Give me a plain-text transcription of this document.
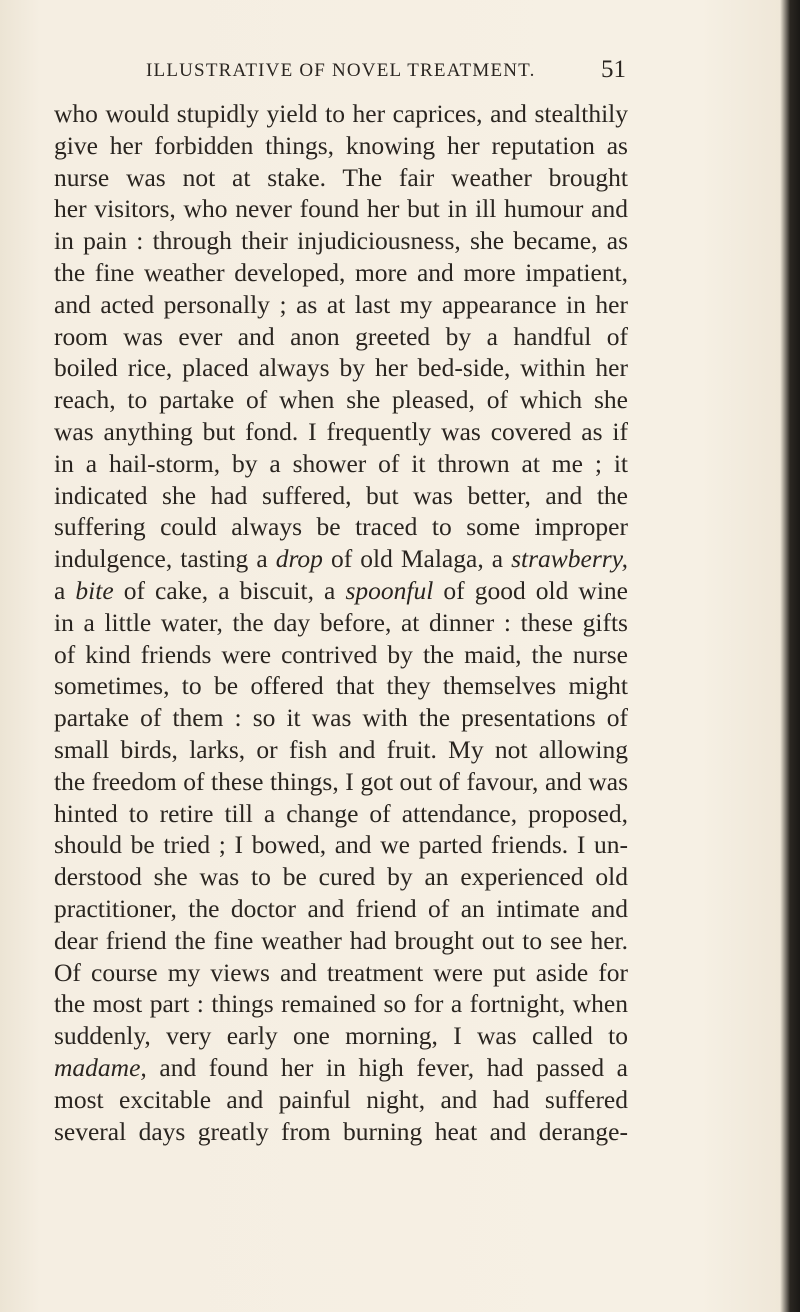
ILLUSTRATIVE OF NOVEL TREATMENT.	51
who would stupidly yield to her caprices, and stealthily
give her forbidden things, knowing her reputation as
nurse was not at stake. The fair weather brought
her visitors, who never found her but in ill humour and
in pain : through their injudiciousness, she became, as
the fine weather developed, more and more impatient,
and acted personally ; as at last my appearance in her
room was ever and anon greeted by a handful of
boiled rice, placed always by her bed-side, within her
reach, to partake of when she pleased, of which she
was anything but fond. I frequently was covered as if
in a hail-storm, by a shower of it thrown at me ; it
indicated she had suffered, but was better, and the
suffering could always be traced to some improper
indulgence, tasting a drop of old Malaga, a strawberry,
a bite of cake, a biscuit, a spoonful of good old wine
in a little water, the day before, at dinner : these gifts
of kind friends were contrived by the maid, the nurse
sometimes, to be offered that they themselves might
partake of them : so it was with the presentations of
small birds, larks, or fish and fruit. My not allowing
the freedom of these things, I got out of favour, and was
hinted to retire till a change of attendance, proposed,
should be tried ; I bowed, and we parted friends. I un-
derstood she was to be cured by an experienced old
practitioner, the doctor and friend of an intimate and
dear friend the fine weather had brought out to see her.
Of course my views and treatment were put aside for
the most part : things remained so for a fortnight, when
suddenly, very early one morning, I was called to
madame, and found her in high fever, had passed a
most excitable and painful night, and had suffered
several days greatly from burning heat and derange-
